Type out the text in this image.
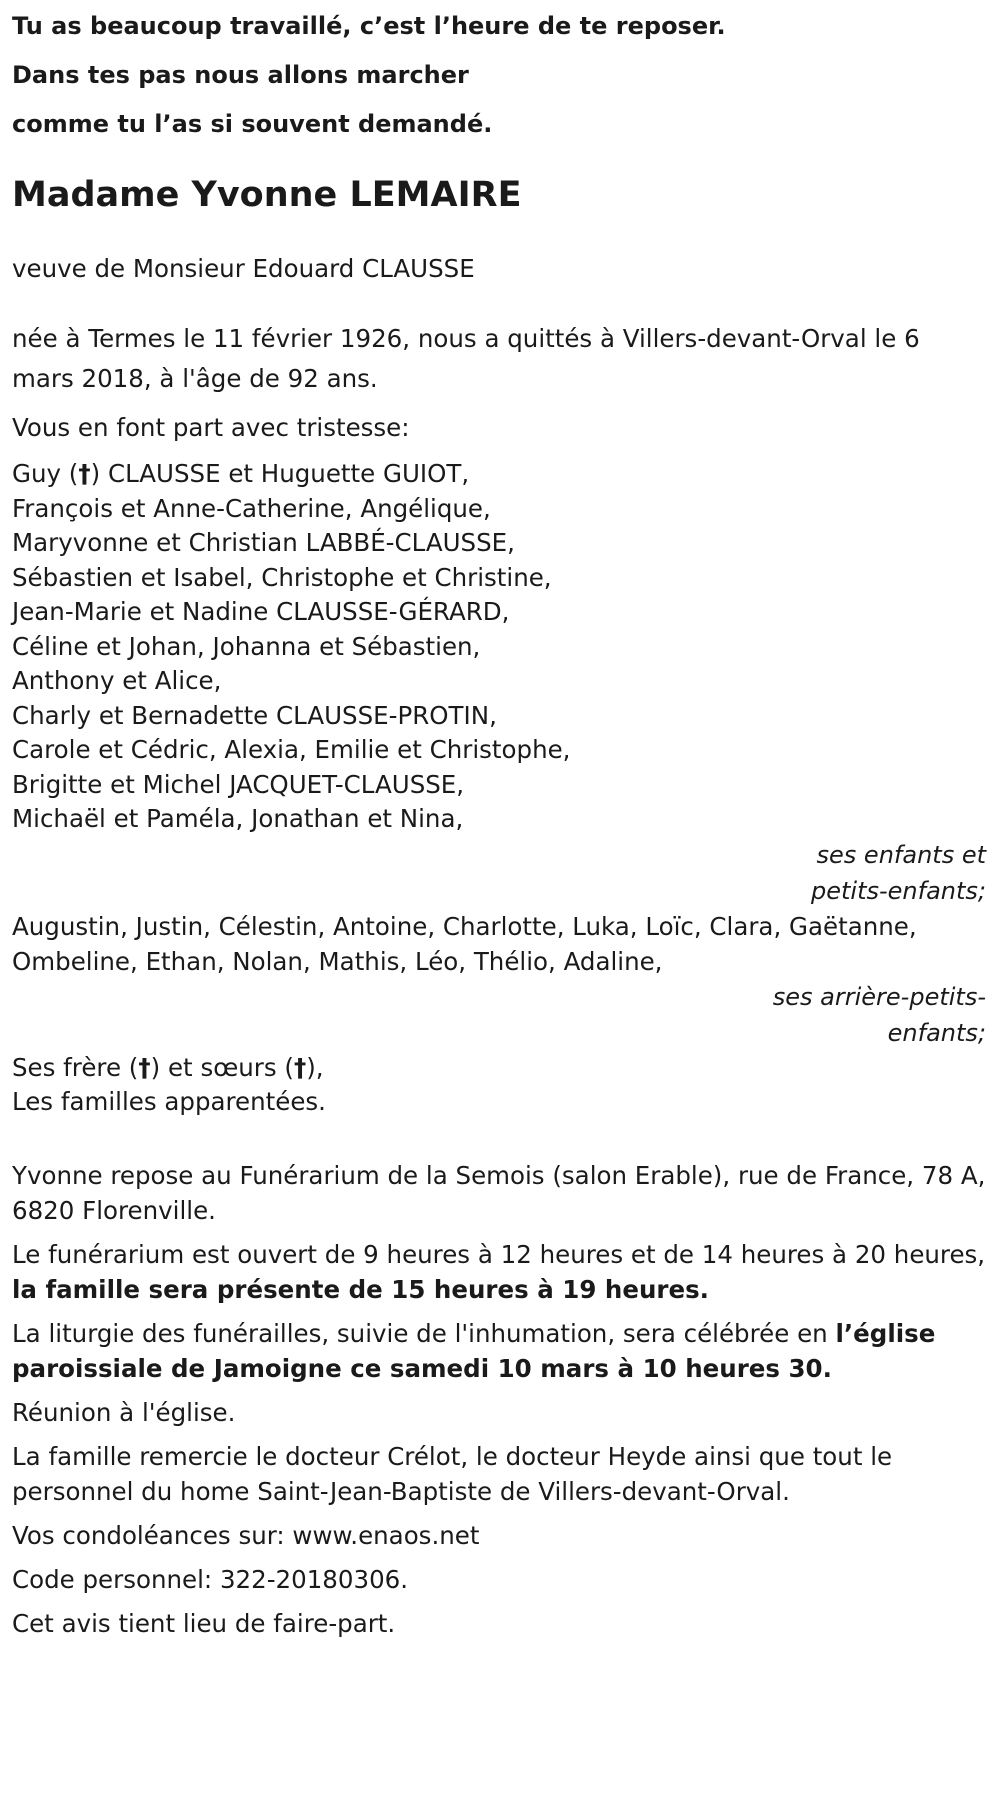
Tu as beaucoup travaillé, c’est l’heure de te reposer.

Dans tes pas nous allons marcher

comme tu l’as si souvent demandé.

Madame Yvonne LEMAIRE

veuve de Monsieur Edouard CLAUSSE

née à Termes le 11 février 1926, nous a quittés à Villers-devant-Orval le 6 mars 2018, à l'âge de 92 ans.

Vous en font part avec tristesse:

Guy (†) CLAUSSE et Huguette GUIOT,

François et Anne-Catherine, Angélique,

Maryvonne et Christian LABBÉ-CLAUSSE,

Sébastien et Isabel, Christophe et Christine,

Jean-Marie et Nadine CLAUSSE-GÉRARD,

Céline et Johan, Johanna et Sébastien,

Anthony et Alice,

Charly et Bernadette CLAUSSE-PROTIN,

Carole et Cédric, Alexia, Emilie et Christophe,

Brigitte et Michel JACQUET-CLAUSSE,

Michaël et Paméla, Jonathan et Nina,

ses enfants et

petits-enfants;

Augustin, Justin, Célestin, Antoine, Charlotte, Luka, Loïc, Clara, Gaëtanne, Ombeline, Ethan, Nolan, Mathis, Léo, Thélio, Adaline,

ses arrière-petits-

enfants;

Ses frère (†) et sœurs (†),

Les familles apparentées.

Yvonne repose au Funérarium de la Semois (salon Erable), rue de France, 78 A, 6820 Florenville.

Le funérarium est ouvert de 9 heures à 12 heures et de 14 heures à 20 heures, la famille sera présente de 15 heures à 19 heures.

La liturgie des funérailles, suivie de l'inhumation, sera célébrée en l’église paroissiale de Jamoigne ce samedi 10 mars à 10 heures 30.

Réunion à l'église.

La famille remercie le docteur Crélot, le docteur Heyde ainsi que tout le personnel du home Saint-Jean-Baptiste de Villers-devant-Orval.

Vos condoléances sur: www.enaos.net

Code personnel: 322-20180306.

Cet avis tient lieu de faire-part.
